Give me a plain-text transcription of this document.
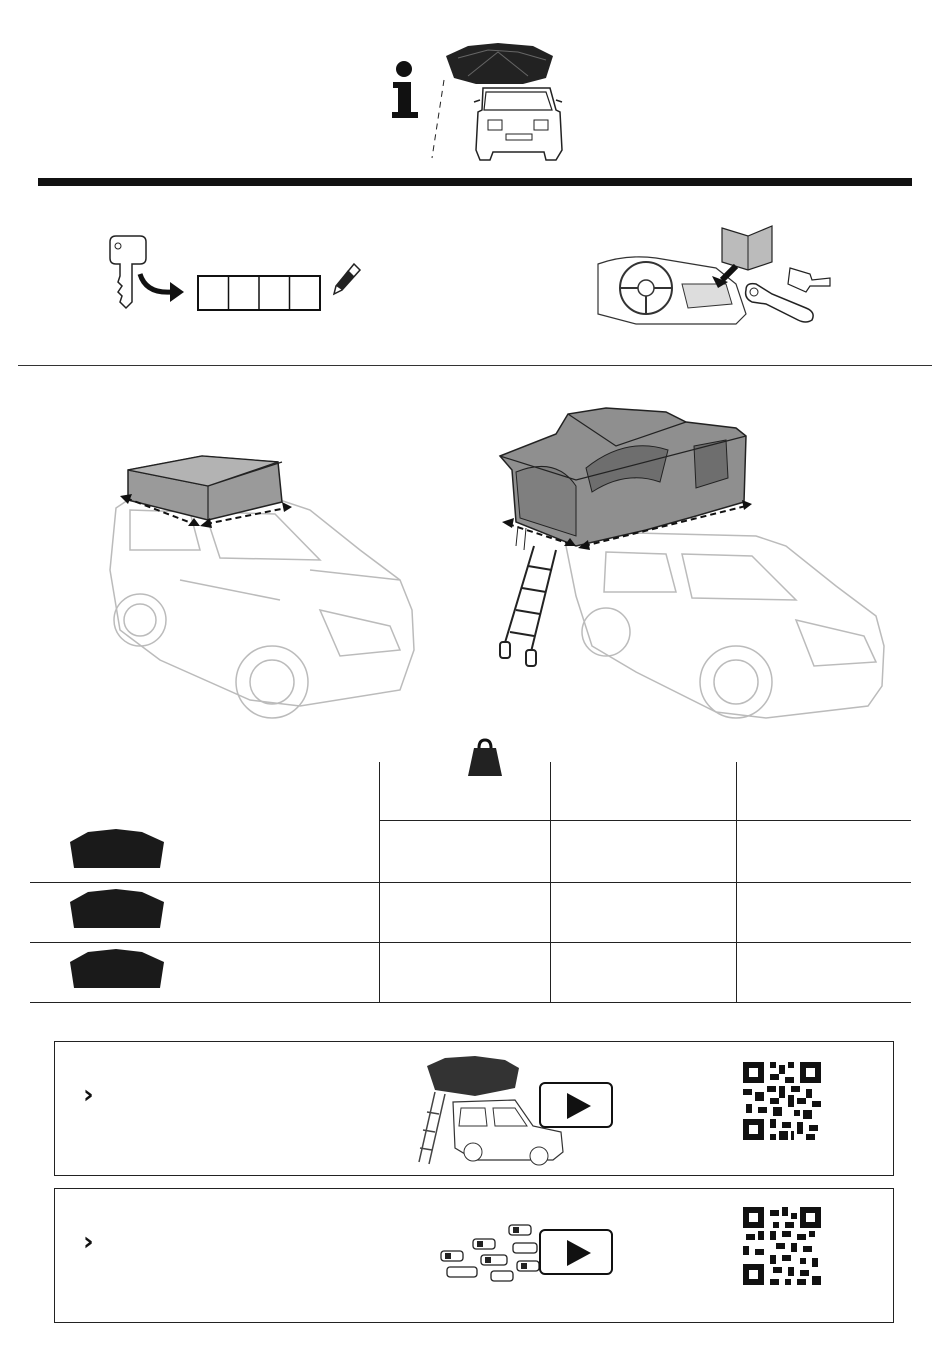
›
›
